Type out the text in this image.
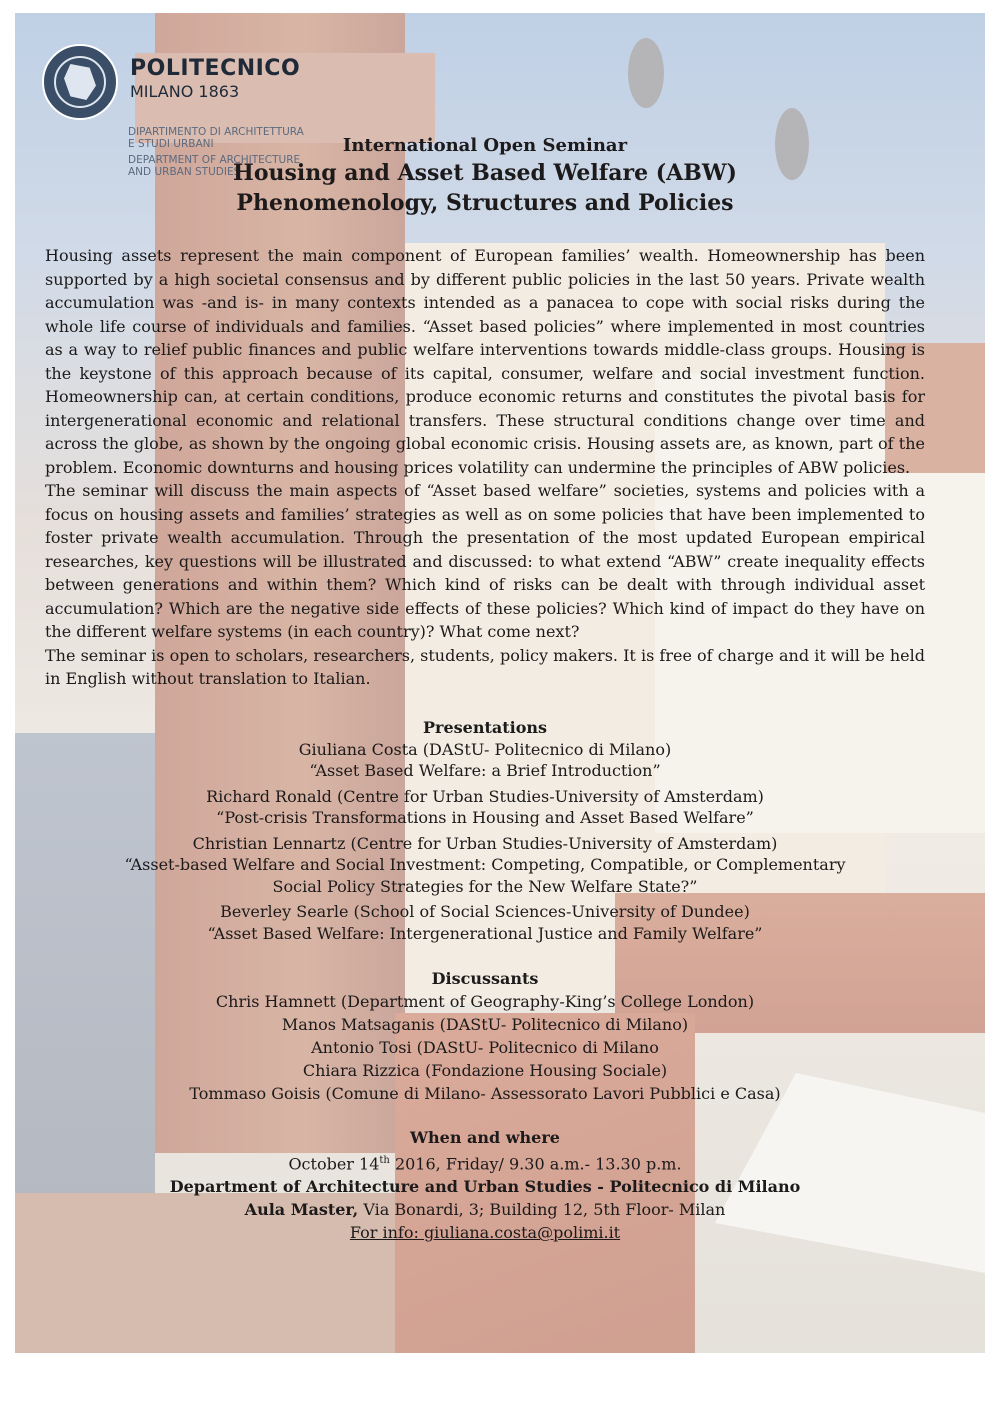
POLITECNICO
MILANO 1863
DIPARTIMENTO DI ARCHITETTURA
E STUDI URBANI
DEPARTMENT OF ARCHITECTURE
AND URBAN STUDIES

International Open Seminar

Housing and Asset Based Welfare (ABW)

Phenomenology, Structures and Policies

Housing assets represent the main component of European families’ wealth. Homeownership has been supported by a high societal consensus and by different public policies in the last 50 years. Private wealth accumulation was -and is- in many contexts intended as a panacea to cope with social risks during the whole life course of individuals and families. “Asset based policies” where implemented in most countries as a way to relief public finances and public welfare interventions towards middle-class groups. Housing is the keystone of this approach because of its capital, consumer, welfare and social investment function. Homeownership can, at certain conditions, produce economic returns and constitutes the pivotal basis for intergenerational economic and relational transfers. These structural conditions change over time and across the globe, as shown by the ongoing global economic crisis. Housing assets are, as known, part of the problem. Economic downturns and housing prices volatility can undermine the principles of ABW policies.

The seminar will discuss the main aspects of “Asset based welfare” societies, systems and policies with a focus on housing assets and families’ strategies as well as on some policies that have been implemented to foster private wealth accumulation. Through the presentation of the most updated European empirical researches, key questions will be illustrated and discussed: to what extend “ABW” create inequality effects between generations and within them? Which kind of risks can be dealt with through individual asset accumulation? Which are the negative side effects of these policies? Which kind of impact do they have on the different welfare systems (in each country)? What come next?

The seminar is open to scholars, researchers, students, policy makers. It is free of charge and it will be held in English without translation to Italian.

Presentations

Giuliana Costa (DAStU- Politecnico di Milano)
“Asset Based Welfare: a Brief Introduction”
Richard Ronald (Centre for Urban Studies-University of Amsterdam)
“Post-crisis Transformations in Housing and Asset Based Welfare”
Christian Lennartz (Centre for Urban Studies-University of Amsterdam)
“Asset-based Welfare and Social Investment: Competing, Compatible, or Complementary
Social Policy Strategies for the New Welfare State?”
Beverley Searle (School of Social Sciences-University of Dundee)
“Asset Based Welfare: Intergenerational Justice and Family Welfare”

Discussants

Chris Hamnett (Department of Geography-King’s College London)
Manos Matsaganis (DAStU- Politecnico di Milano)
Antonio Tosi (DAStU- Politecnico di Milano
Chiara Rizzica (Fondazione Housing Sociale)
Tommaso Goisis (Comune di Milano- Assessorato Lavori Pubblici e Casa)

When and where

October 14th 2016, Friday/ 9.30 a.m.- 13.30 p.m.
Department of Architecture and Urban Studies - Politecnico di Milano
Aula Master, Via Bonardi, 3; Building 12, 5th Floor- Milan
For info: giuliana.costa@polimi.it
